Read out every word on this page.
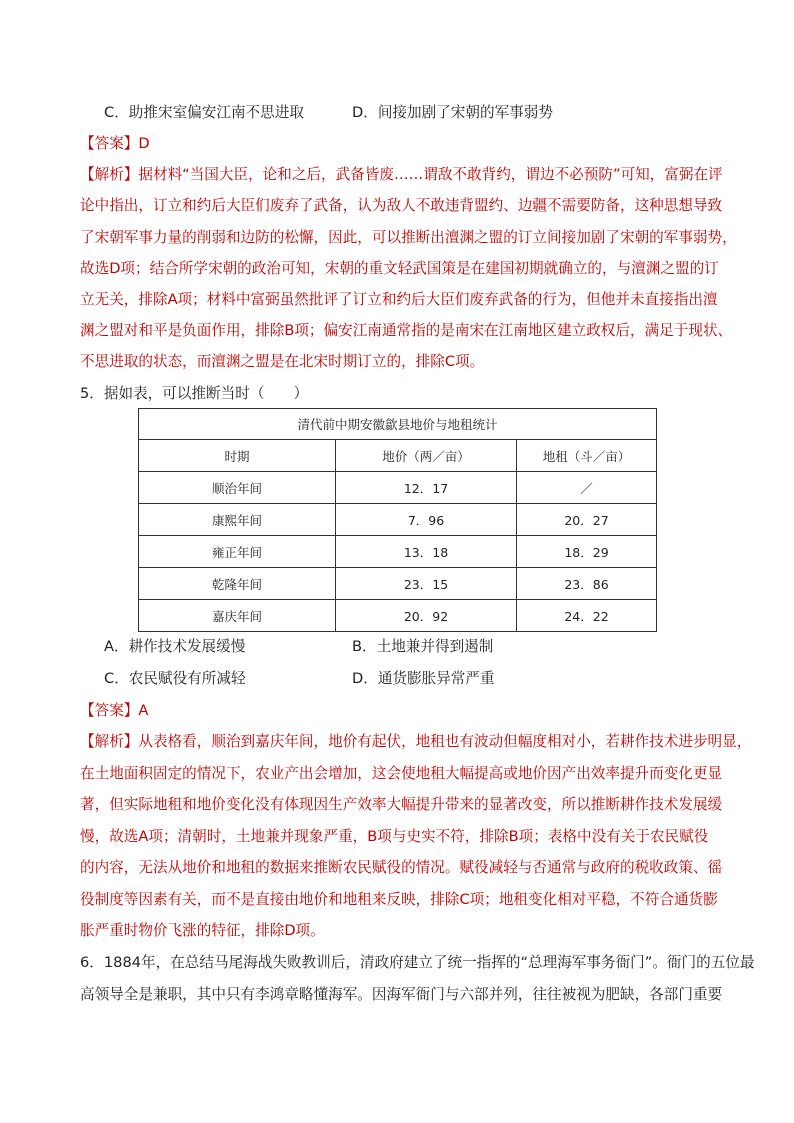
C．助推宋室偏安江南不思进取	D．间接加剧了宋朝的军事弱势
【答案】D
【解析】据材料“当国大臣，论和之后，武备皆废……谓敌不敢背约，谓边不必预防”可知，富弼在评
论中指出，订立和约后大臣们废弃了武备，认为敌人不敢违背盟约、边疆不需要防备，这种思想导致
了宋朝军事力量的削弱和边防的松懈，因此，可以推断出澶渊之盟的订立间接加剧了宋朝的军事弱势，
故选D项；结合所学宋朝的政治可知，宋朝的重文轻武国策是在建国初期就确立的，与澶渊之盟的订
立无关，排除A项；材料中富弼虽然批评了订立和约后大臣们废弃武备的行为，但他并未直接指出澶
渊之盟对和平是负面作用，排除B项；偏安江南通常指的是南宋在江南地区建立政权后，满足于现状、
不思进取的状态，而澶渊之盟是在北宋时期订立的，排除C项。
5．据如表，可以推断当时（　　）
清代前中期安徽歙县地价与地租统计		
时期	地价（两／亩）	地租（斗／亩）
顺治年间	12．17	／
康熙年间	7．96	20．27
雍正年间	13．18	18．29
乾隆年间	23．15	23．86
嘉庆年间	20．92	24．22
A．耕作技术发展缓慢	B．土地兼并得到遏制
C．农民赋役有所减轻	D．通货膨胀异常严重
【答案】A
【解析】从表格看，顺治到嘉庆年间，地价有起伏，地租也有波动但幅度相对小，若耕作技术进步明显，
在土地面积固定的情况下，农业产出会增加，这会使地租大幅提高或地价因产出效率提升而变化更显
著，但实际地租和地价变化没有体现因生产效率大幅提升带来的显著改变，所以推断耕作技术发展缓
慢，故选A项；清朝时，土地兼并现象严重，B项与史实不符，排除B项；表格中没有关于农民赋役
的内容，无法从地价和地租的数据来推断农民赋役的情况。赋役减轻与否通常与政府的税收政策、徭
役制度等因素有关，而不是直接由地价和地租来反映，排除C项；地租变化相对平稳，不符合通货膨
胀严重时物价飞涨的特征，排除D项。
6．1884年，在总结马尾海战失败教训后，清政府建立了统一指挥的“总理海军事务衙门”。衙门的五位最
高领导全是兼职，其中只有李鸿章略懂海军。因海军衙门与六部并列，往往被视为肥缺，各部门重要
